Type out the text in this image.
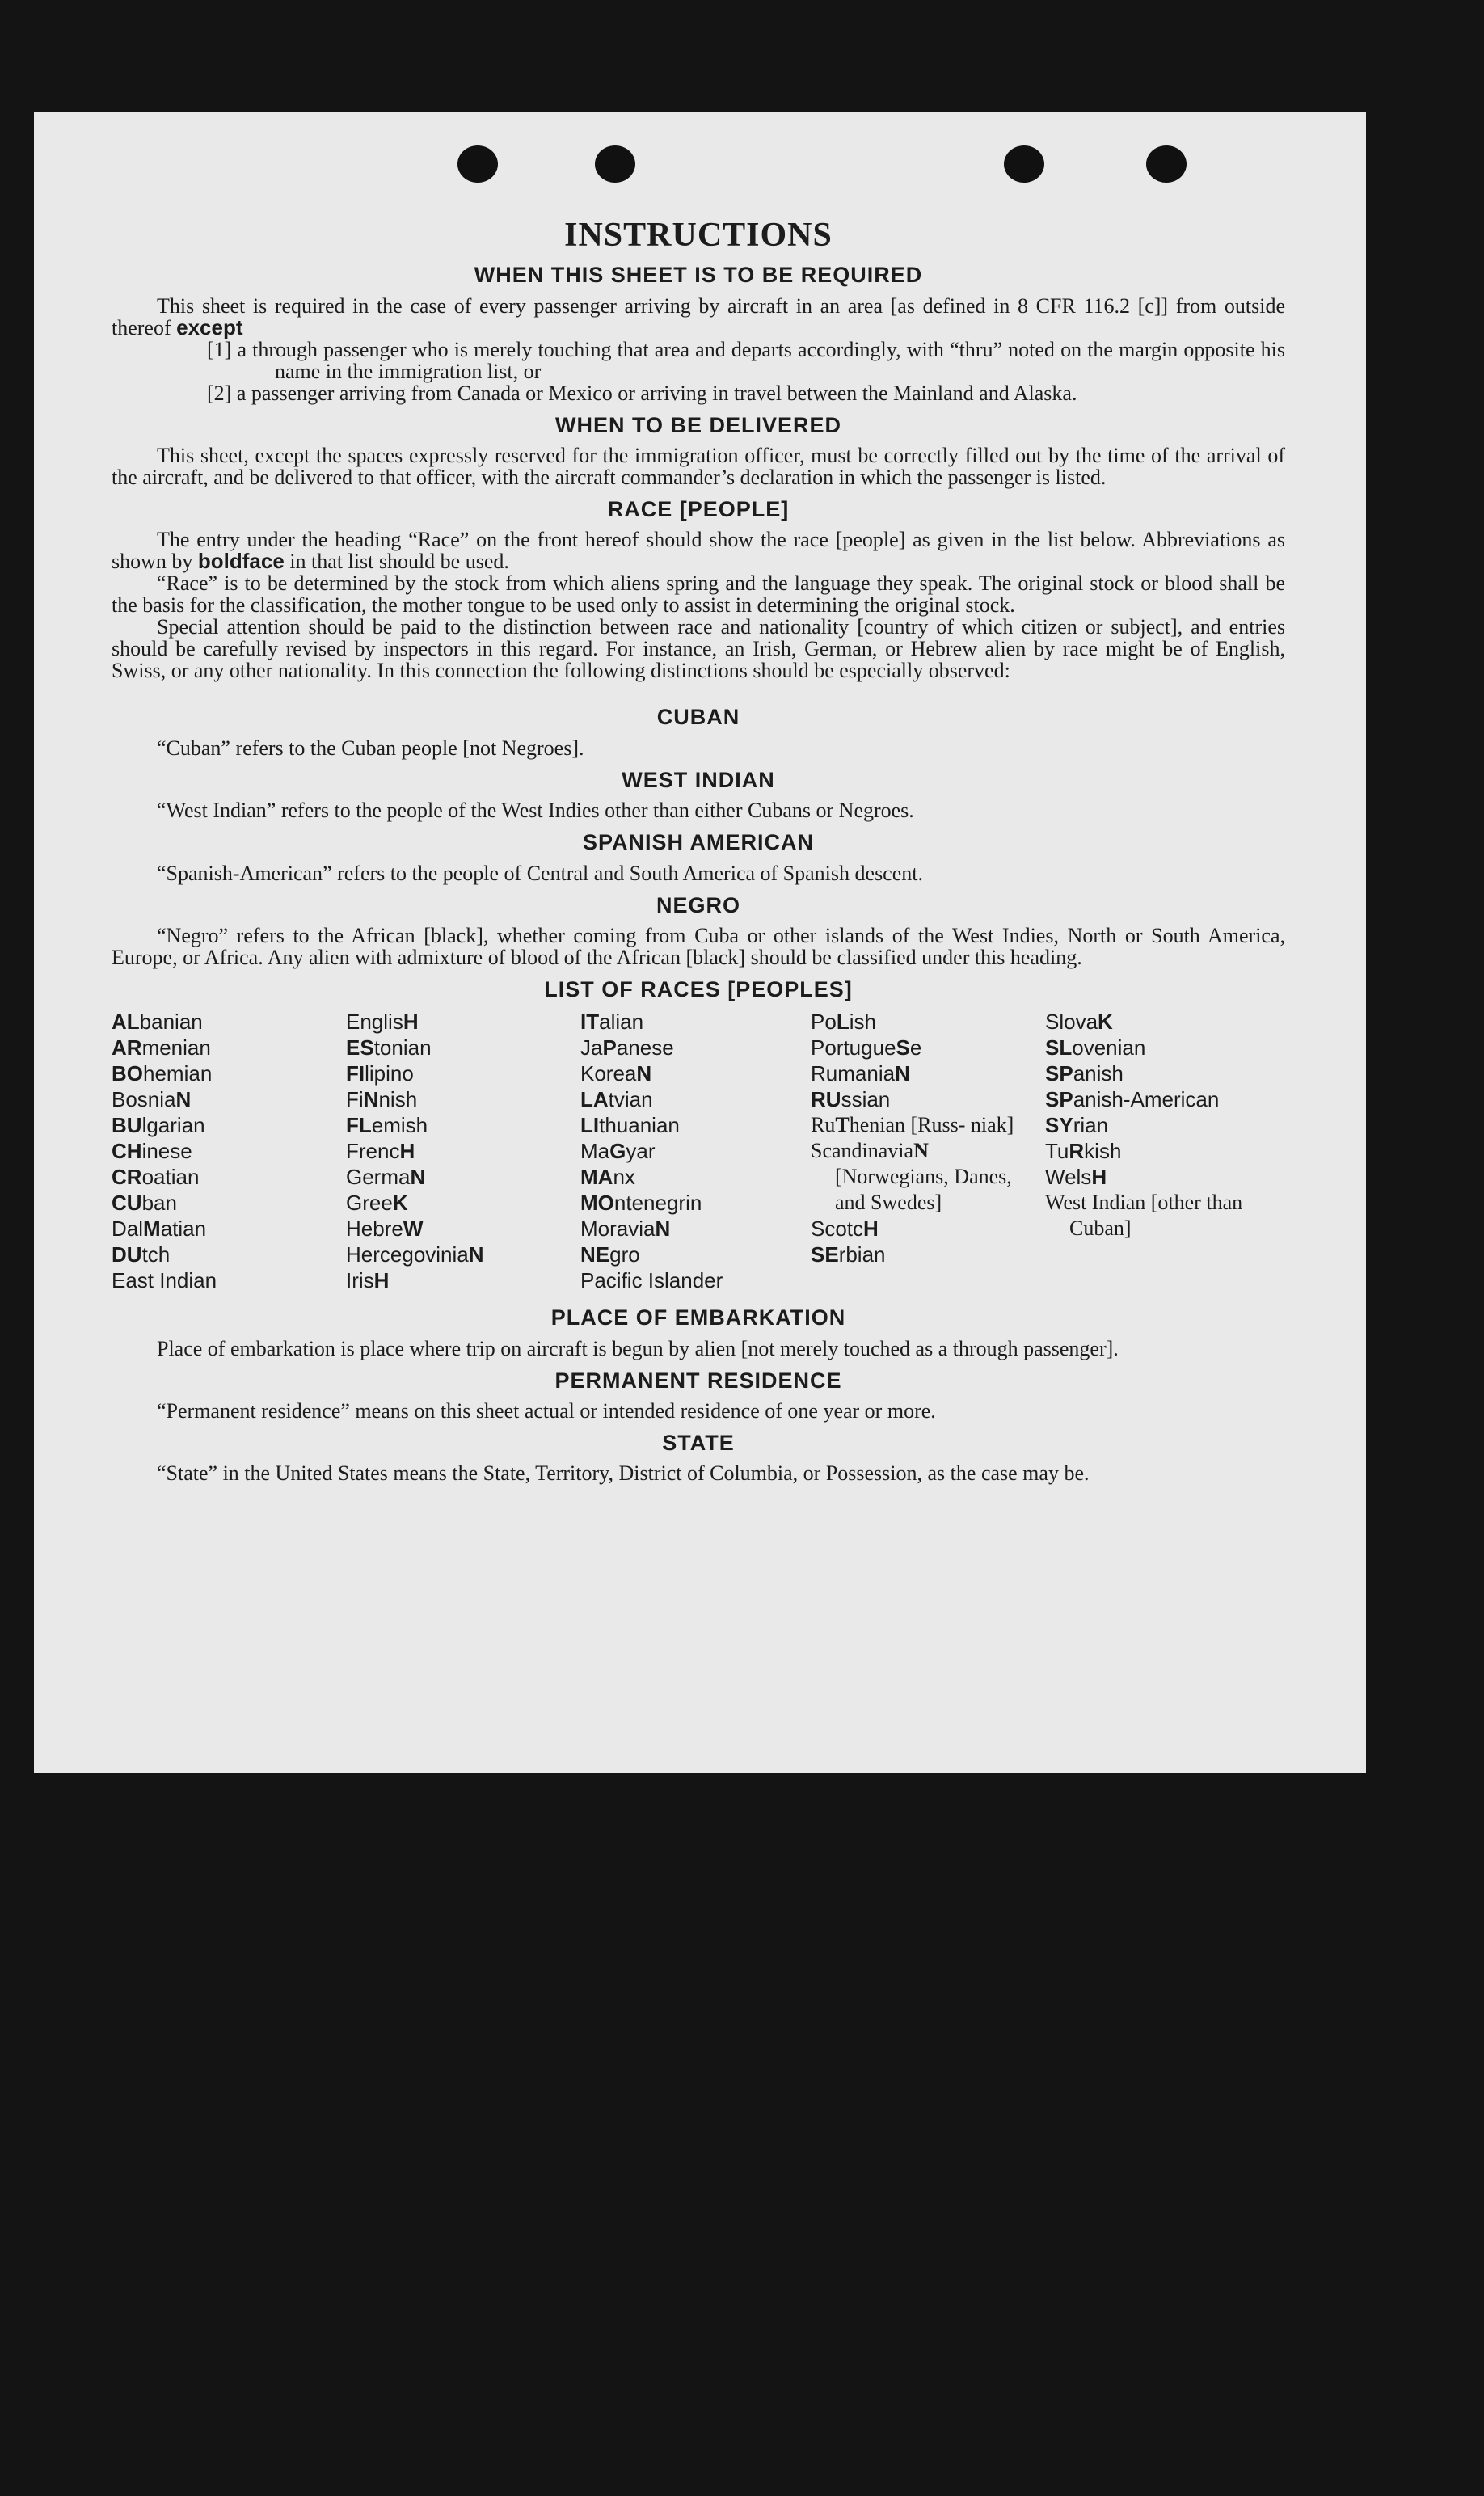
INSTRUCTIONS
WHEN THIS SHEET IS TO BE REQUIRED

This sheet is required in the case of every passenger arriving by aircraft in an area [as defined in 8 CFR 116.2 [c]] from outside thereof except

[1] a through passenger who is merely touching that area and departs accordingly, with “thru” noted on the margin opposite his name in the immigration list, or

[2] a passenger arriving from Canada or Mexico or arriving in travel between the Mainland and Alaska.

WHEN TO BE DELIVERED

This sheet, except the spaces expressly reserved for the immigration officer, must be correctly filled out by the time of the arrival of the aircraft, and be delivered to that officer, with the aircraft commander’s declaration in which the passenger is listed.

RACE [PEOPLE]

The entry under the heading “Race” on the front hereof should show the race [people] as given in the list below. Abbreviations as shown by boldface in that list should be used.

“Race” is to be determined by the stock from which aliens spring and the language they speak. The original stock or blood shall be the basis for the classification, the mother tongue to be used only to assist in determining the original stock.

Special attention should be paid to the distinction between race and nationality [country of which citizen or subject], and entries should be carefully revised by inspectors in this regard. For instance, an Irish, German, or Hebrew alien by race might be of English, Swiss, or any other nationality. In this connection the following distinctions should be especially observed:

CUBAN

“Cuban” refers to the Cuban people [not Negroes].

WEST INDIAN

“West Indian” refers to the people of the West Indies other than either Cubans or Negroes.

SPANISH AMERICAN

“Spanish-American” refers to the people of Central and South America of Spanish descent.

NEGRO

“Negro” refers to the African [black], whether coming from Cuba or other islands of the West Indies, North or South America, Europe, or Africa. Any alien with admixture of blood of the African [black] should be classified under this heading.

LIST OF RACES [PEOPLES]
ALbanian
ARmenian
BOhemian
BosniaN
BUlgarian
CHinese
CRoatian
CUban
DalMatian
DUtch
East Indian
EnglisH
EStonian
FIlipino
FiNnish
FLemish
FrencH
GermaN
GreeK
HebreW
HercegoviniaN
IrisH
ITalian
JaPanese
KoreaN
LAtvian
LIthuanian
MaGyar
MAnx
MOntenegrin
MoraviaN
NEgro
Pacific Islander
PoLish
PortugueSe
RumaniaN
RUssian
RuThenian [Russ- niak]
ScandinaviaN [Norwegians, Danes, and Swedes]
ScotcH
SErbian
SlovaK
SLovenian
SPanish
SPanish-American
SYrian
TuRkish
WelsH
West Indian [other than Cuban]
PLACE OF EMBARKATION

Place of embarkation is place where trip on aircraft is begun by alien [not merely touched as a through passenger].

PERMANENT RESIDENCE

“Permanent residence” means on this sheet actual or intended residence of one year or more.

STATE

“State” in the United States means the State, Territory, District of Columbia, or Possession, as the case may be.
